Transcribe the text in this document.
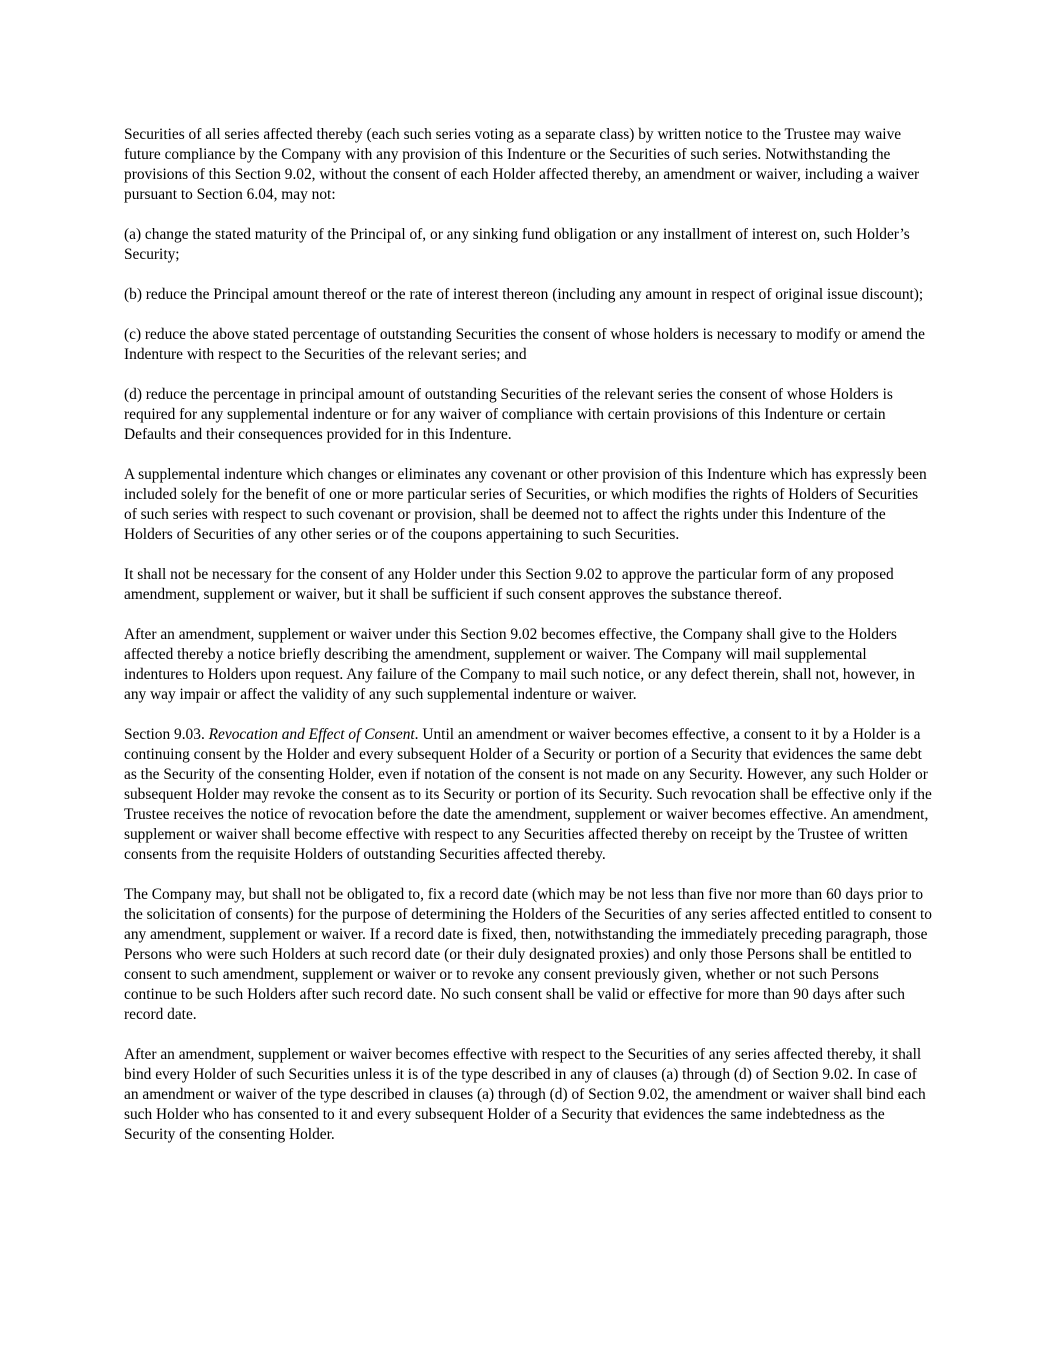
Securities of all series affected thereby (each such series voting as a separate class) by written notice to the Trustee may waive future compliance by the Company with any provision of this Indenture or the Securities of such series. Notwithstanding the provisions of this Section 9.02, without the consent of each Holder affected thereby, an amendment or waiver, including a waiver pursuant to Section 6.04, may not:

(a) change the stated maturity of the Principal of, or any sinking fund obligation or any installment of interest on, such Holder’s Security;

(b) reduce the Principal amount thereof or the rate of interest thereon (including any amount in respect of original issue discount);

(c) reduce the above stated percentage of outstanding Securities the consent of whose holders is necessary to modify or amend the Indenture with respect to the Securities of the relevant series; and

(d) reduce the percentage in principal amount of outstanding Securities of the relevant series the consent of whose Holders is required for any supplemental indenture or for any waiver of compliance with certain provisions of this Indenture or certain Defaults and their consequences provided for in this Indenture.

A supplemental indenture which changes or eliminates any covenant or other provision of this Indenture which has expressly been included solely for the benefit of one or more particular series of Securities, or which modifies the rights of Holders of Securities of such series with respect to such covenant or provision, shall be deemed not to affect the rights under this Indenture of the Holders of Securities of any other series or of the coupons appertaining to such Securities.

It shall not be necessary for the consent of any Holder under this Section 9.02 to approve the particular form of any proposed amendment, supplement or waiver, but it shall be sufficient if such consent approves the substance thereof.

After an amendment, supplement or waiver under this Section 9.02 becomes effective, the Company shall give to the Holders affected thereby a notice briefly describing the amendment, supplement or waiver. The Company will mail supplemental indentures to Holders upon request. Any failure of the Company to mail such notice, or any defect therein, shall not, however, in any way impair or affect the validity of any such supplemental indenture or waiver.

Section 9.03. Revocation and Effect of Consent. Until an amendment or waiver becomes effective, a consent to it by a Holder is a continuing consent by the Holder and every subsequent Holder of a Security or portion of a Security that evidences the same debt as the Security of the consenting Holder, even if notation of the consent is not made on any Security. However, any such Holder or subsequent Holder may revoke the consent as to its Security or portion of its Security. Such revocation shall be effective only if the Trustee receives the notice of revocation before the date the amendment, supplement or waiver becomes effective. An amendment, supplement or waiver shall become effective with respect to any Securities affected thereby on receipt by the Trustee of written consents from the requisite Holders of outstanding Securities affected thereby.

The Company may, but shall not be obligated to, fix a record date (which may be not less than five nor more than 60 days prior to the solicitation of consents) for the purpose of determining the Holders of the Securities of any series affected entitled to consent to any amendment, supplement or waiver. If a record date is fixed, then, notwithstanding the immediately preceding paragraph, those Persons who were such Holders at such record date (or their duly designated proxies) and only those Persons shall be entitled to consent to such amendment, supplement or waiver or to revoke any consent previously given, whether or not such Persons continue to be such Holders after such record date. No such consent shall be valid or effective for more than 90 days after such record date.

After an amendment, supplement or waiver becomes effective with respect to the Securities of any series affected thereby, it shall bind every Holder of such Securities unless it is of the type described in any of clauses (a) through (d) of Section 9.02. In case of an amendment or waiver of the type described in clauses (a) through (d) of Section 9.02, the amendment or waiver shall bind each such Holder who has consented to it and every subsequent Holder of a Security that evidences the same indebtedness as the Security of the consenting Holder.
